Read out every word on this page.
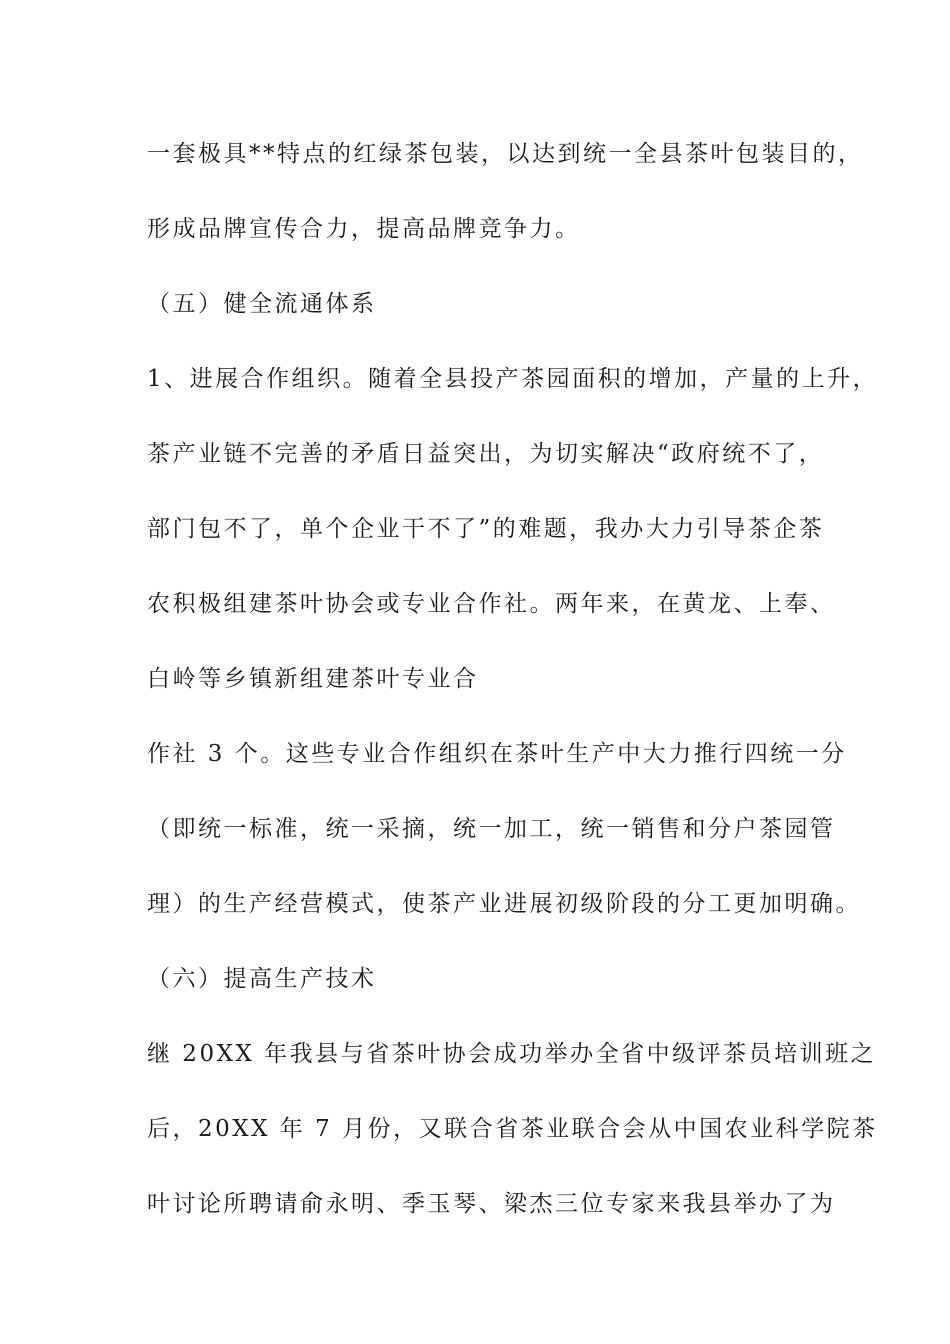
一套极具**特点的红绿茶包装，以达到统一全县茶叶包装目的，
形成品牌宣传合力，提高品牌竞争力。
（五）健全流通体系
1、进展合作组织。随着全县投产茶园面积的增加，产量的上升，
茶产业链不完善的矛盾日益突出，为切实解决“政府统不了，
部门包不了，单个企业干不了”的难题，我办大力引导茶企茶
农积极组建茶叶协会或专业合作社。两年来，在黄龙、上奉、
白岭等乡镇新组建茶叶专业合
作社 3 个。这些专业合作组织在茶叶生产中大力推行四统一分
（即统一标准，统一采摘，统一加工，统一销售和分户茶园管
理）的生产经营模式，使茶产业进展初级阶段的分工更加明确。
（六）提高生产技术
继 20XX 年我县与省茶叶协会成功举办全省中级评茶员培训班之
后，20XX 年 7 月份，又联合省茶业联合会从中国农业科学院茶
叶讨论所聘请俞永明、季玉琴、梁杰三位专家来我县举办了为
